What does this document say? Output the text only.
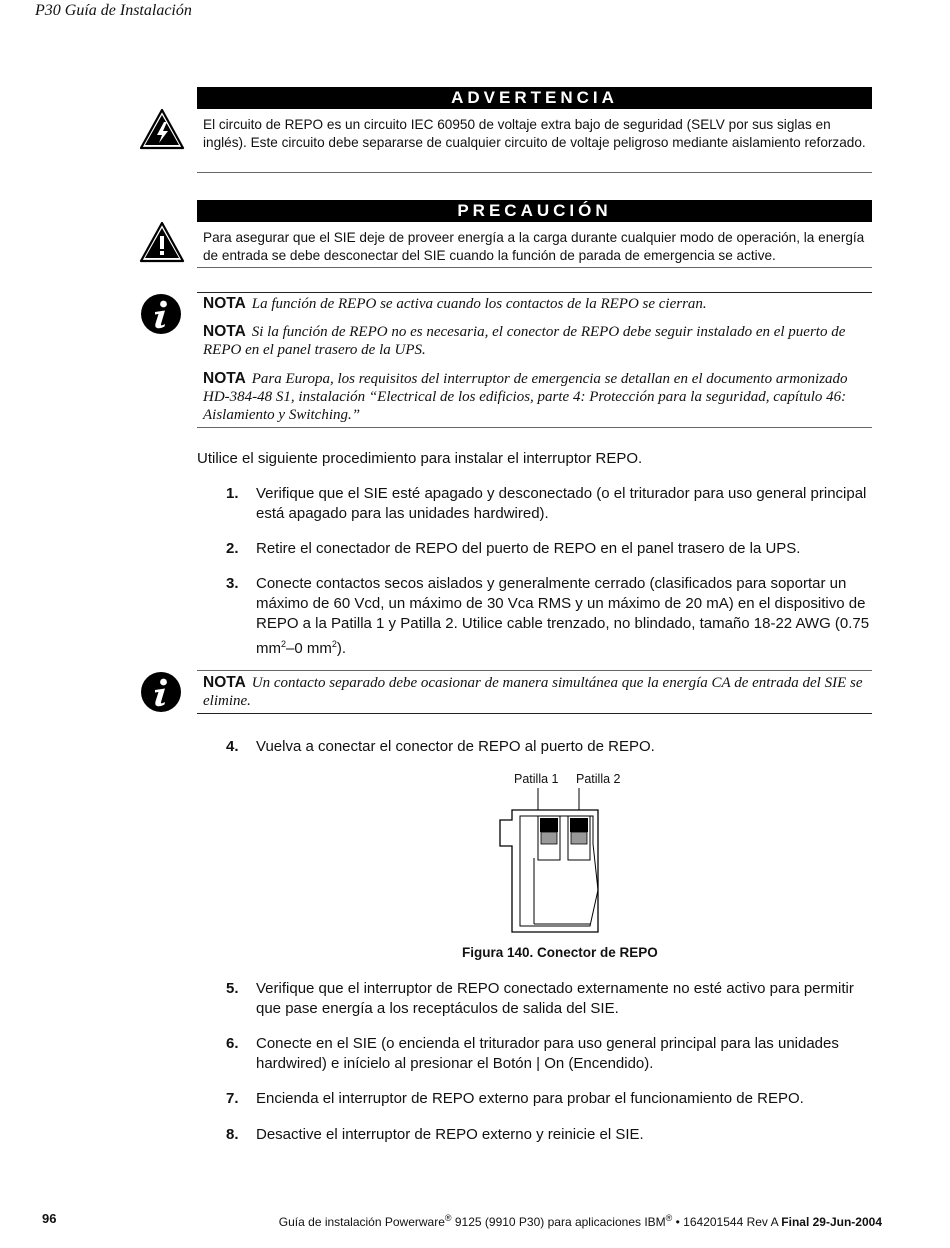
P30 Guía de Instalación
ADVERTENCIA
El circuito de REPO es un circuito IEC 60950 de voltaje extra bajo de seguridad (SELV por sus siglas en inglés). Este circuito debe separarse de cualquier circuito de voltaje peligroso mediante aislamiento reforzado.
PRECAUCIÓN
Para asegurar que el SIE deje de proveer energía a la carga durante cualquier modo de operación, la energía de entrada se debe desconectar del SIE cuando la función de parada de emergencia se active.
NOTA La función de REPO se activa cuando los contactos de la REPO se cierran.
NOTA Si la función de REPO no es necesaria, el conector de REPO debe seguir instalado en el puerto de REPO en el panel trasero de la UPS.
NOTA Para Europa, los requisitos del interruptor de emergencia se detallan en el documento armonizado HD-384-48 S1, instalación “Electrical de los edificios, parte 4: Protección para la seguridad, capítulo 46: Aislamiento y Switching.”
Utilice el siguiente procedimiento para instalar el interruptor REPO.
1. Verifique que el SIE esté apagado y desconectado (o el triturador para uso general principal está apagado para las unidades hardwired).
2. Retire el conectador de REPO del puerto de REPO en el panel trasero de la UPS.
3. Conecte contactos secos aislados y generalmente cerrado (clasificados para soportar un máximo de 60 Vcd, un máximo de 30 Vca RMS y un máximo de 20 mA) en el dispositivo de REPO a la Patilla 1 y Patilla 2. Utilice cable trenzado, no blindado, tamaño 18-22 AWG (0.75 $mm^2-0$ $mm^2$).
NOTA Un contacto separado debe ocasionar de manera simultánea que la energía CA de entrada del SIE se elimine.
4. Vuelva a conectar el conector de REPO al puerto de REPO.
Patilla 1 Patilla 2
Figura 140. Conector de REPO
5. Verifique que el interruptor de REPO conectado externamente no esté activo para permitir que pase energía a los receptáculos de salida del SIE.
6. Conecte en el SIE (o encienda el triturador para uso general principal para las unidades hardwired) e inícielo al presionar el Botón | On (Encendido).
7. Encienda el interruptor de REPO externo para probar el funcionamiento de REPO.
8. Desactive el interruptor de REPO externo y reinicie el SIE.
96	Guía de instalación Powerware® 9125 (9910 P30) para aplicaciones IBM® • 164201544 Rev A Final 29-Jun-2004
